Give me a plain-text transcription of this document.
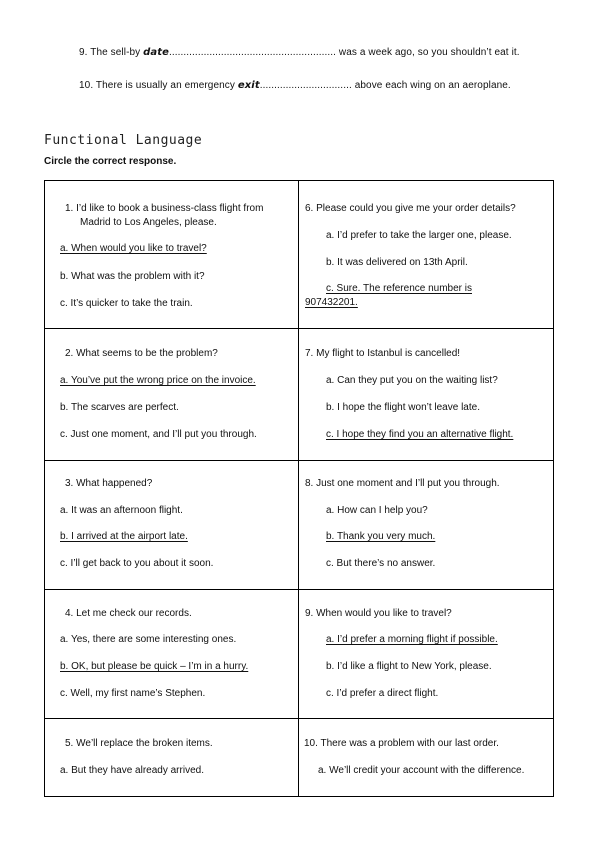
9. The sell-by date.......................................................... was a week ago, so you shouldn’t eat it.
10. There is usually an emergency exit................................ above each wing on an aeroplane.
Functional Language
Circle the correct response.
1. I’d like to book a business-class flight from
Madrid to Los Angeles, please.
a. When would you like to travel?
b. What was the problem with it?
c. It’s quicker to take the train.
6. Please could you give me your order details?
a. I’d prefer to take the larger one, please.
b. It was delivered on 13th April.
c. Sure. The reference number is
907432201.
2. What seems to be the problem?
a. You’ve put the wrong price on the invoice.
b. The scarves are perfect.
c. Just one moment, and I’ll put you through.
7. My flight to Istanbul is cancelled!
a. Can they put you on the waiting list?
b. I hope the flight won’t leave late.
c. I hope they find you an alternative flight.
3. What happened?
a. It was an afternoon flight.
b. I arrived at the airport late.
c. I’ll get back to you about it soon.
8. Just one moment and I’ll put you through.
a. How can I help you?
b. Thank you very much.
c. But there’s no answer.
4. Let me check our records.
a. Yes, there are some interesting ones.
b. OK, but please be quick – I’m in a hurry.
c. Well, my first name’s Stephen.
9. When would you like to travel?
a. I’d prefer a morning flight if possible.
b. I’d like a flight to New York, please.
c. I’d prefer a direct flight.
5. We’ll replace the broken items.
a. But they have already arrived.
10. There was a problem with our last order.
a. We’ll credit your account with the difference.
